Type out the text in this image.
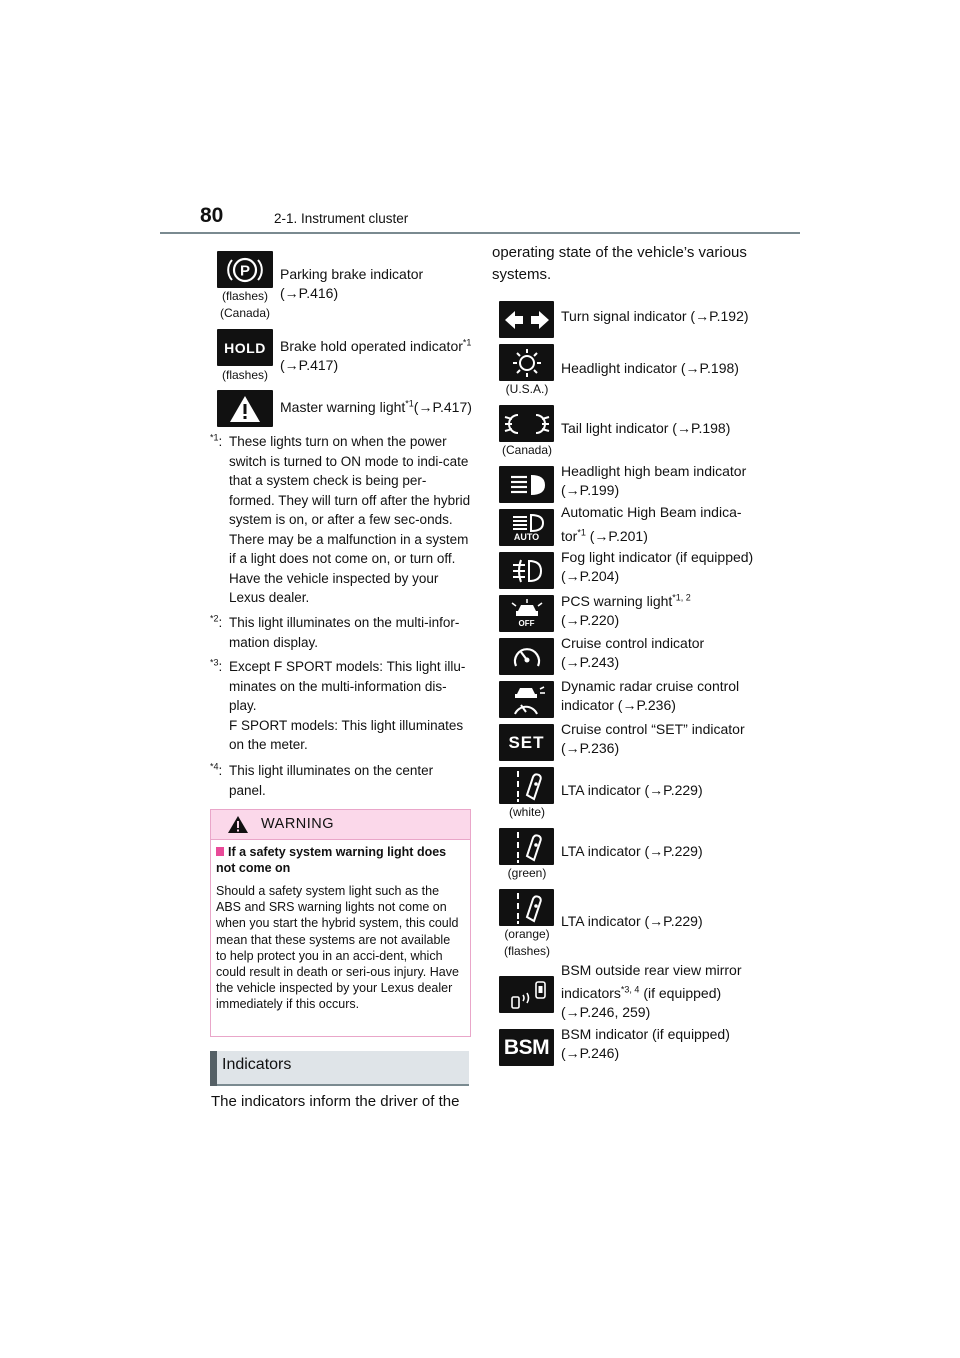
80	2-1. Instrument cluster
P
(flashes)
(Canada)
Parking brake indicator
(→P.416)
HOLD
(flashes)
Brake hold operated indicator$^{*1}$
(→P.417)
Master warning light$^{*1}$(→P.417)
$^{*1}$: These lights turn on when the power switch is turned to ON mode to indi-cate that a system check is being per-formed. They will turn off after the hybrid system is on, or after a few sec-onds. There may be a malfunction in a system if a light does not come on, or turn off. Have the vehicle inspected by your Lexus dealer.
$^{*2}$: This light illuminates on the multi-infor-mation display.
$^{*3}$: Except F SPORT models: This light illu-minates on the multi-information dis-play.
F SPORT models: This light illuminates on the meter.
$^{*4}$: This light illuminates on the center panel.
WARNING
If a safety system warning light does not come on
Should a safety system light such as the ABS and SRS warning lights not come on when you start the hybrid system, this could mean that these systems are not available to help protect you in an acci-dent, which could result in death or seri-ous injury. Have the vehicle inspected by your Lexus dealer immediately if this occurs.
Indicators
The indicators inform the driver of the
operating state of the vehicle’s various
systems.
Turn signal indicator (→P.192)
(U.S.A.)
Headlight indicator (→P.198)
(Canada)
Tail light indicator (→P.198)
Headlight high beam indicator
(→P.199)
AUTO
Automatic High Beam indica-
tor$^{*1}$ (→P.201)
Fog light indicator (if equipped)
(→P.204)
OFF
PCS warning light$^{*1, 2}$
(→P.220)
Cruise control indicator
(→P.243)
Dynamic radar cruise control
indicator (→P.236)
SET
Cruise control “SET” indicator
(→P.236)
(white)
LTA indicator (→P.229)
(green)
LTA indicator (→P.229)
(orange)
(flashes)
LTA indicator (→P.229)
BSM outside rear view mirror
indicators$^{*3, 4}$ (if equipped)
(→P.246, 259)
BSM
BSM indicator (if equipped)
(→P.246)
